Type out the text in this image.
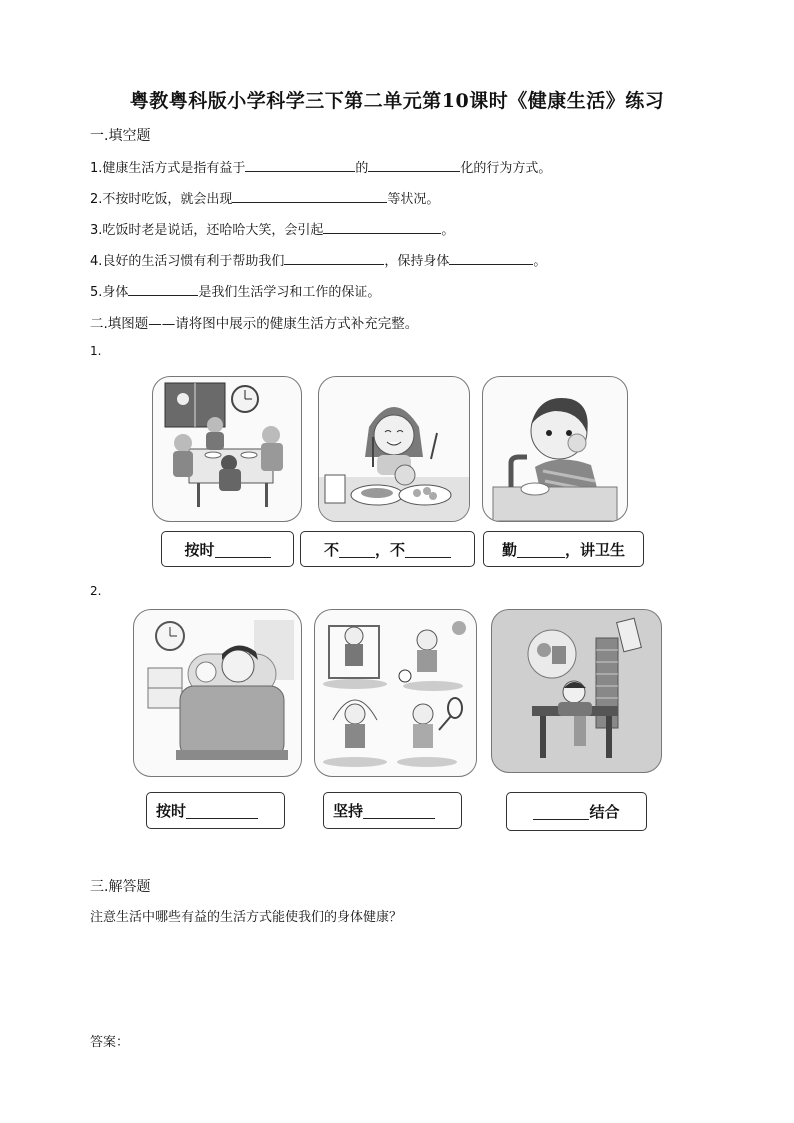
粤教粤科版小学科学三下第二单元第10课时《健康生活》练习
一.填空题
1.健康生活方式是指有益于	的	化的行为方式。
2.不按时吃饭，就会出现	等状况。
3.吃饭时老是说话，还哈哈大笑，会引起	。
4.良好的生活习惯有利于帮助我们	，保持身体	。
5.身体	是我们生活学习和工作的保证。
二.填图题——请将图中展示的健康生活方式补充完整。
1.
按时	不 ，不	勤	，讲卫生
2.
按时	坚持	结合
三.解答题
注意生活中哪些有益的生活方式能使我们的身体健康？
答案：
